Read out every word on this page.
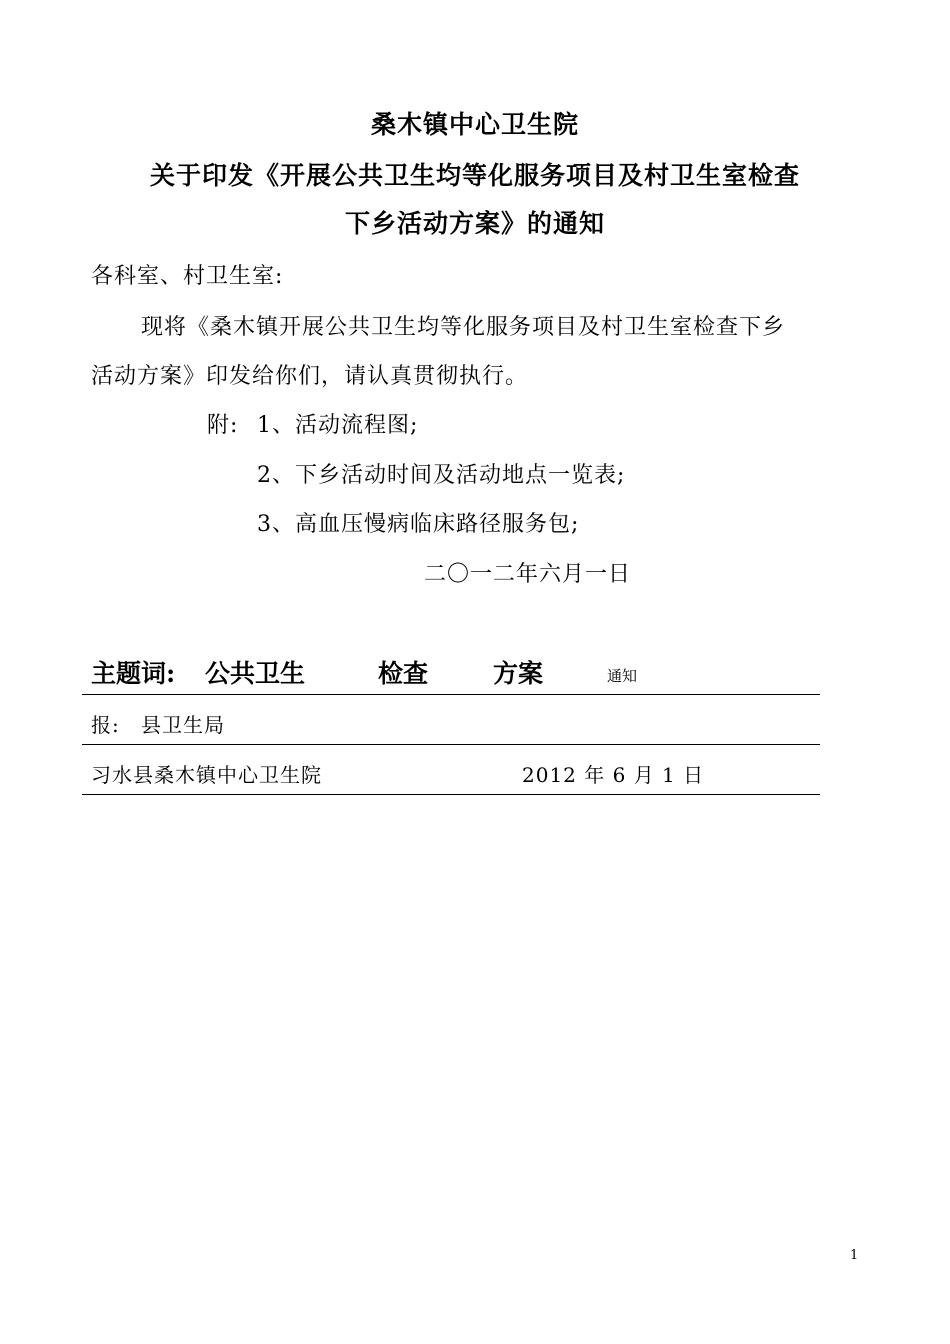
桑木镇中心卫生院
关于印发《开展公共卫生均等化服务项目及村卫生室检查
下乡活动方案》的通知
各科室、村卫生室:
现将《桑木镇开展公共卫生均等化服务项目及村卫生室检查下乡
活动方案》印发给你们，请认真贯彻执行。
附: 1、活动流程图;
2、下乡活动时间及活动地点一览表;
3、高血压慢病临床路径服务包;
二〇一二年六月一日
主题词: 公共卫生	检查	方案	通知
报: 县卫生局
习水县桑木镇中心卫生院	2012 年 6 月 1 日
1
